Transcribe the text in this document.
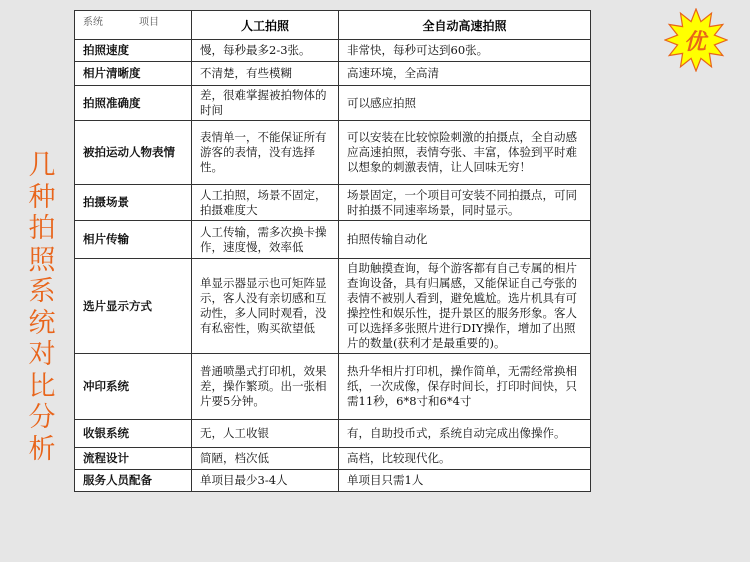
几种拍照系统对比分析
系统 项目	人工拍照	全自动高速拍照
拍照速度	慢，每秒最多2-3张。	非常快，每秒可达到60张。
相片清晰度	不清楚，有些模糊	高速环境，全高清
拍照准确度	差，很难掌握被拍物体的时间	可以感应拍照
被拍运动人物表情	表情单一，不能保证所有游客的表情，没有选择性。	可以安装在比较惊险刺激的拍摄点，全自动感应高速拍照，表情夸张、丰富，体验到平时难以想象的刺激表情，让人回味无穷！
拍摄场景	人工拍照，场景不固定，拍摄难度大	场景固定，一个项目可安装不同拍摄点，可同时拍摄不同速率场景，同时显示。
相片传输	人工传输，需多次换卡操作，速度慢，效率低	拍照传输自动化
选片显示方式	单显示器显示也可矩阵显示，客人没有亲切感和互动性，多人同时观看，没有私密性，购买欲望低	自助触摸查询，每个游客都有自己专属的相片查询设备，具有归属感，又能保证自己夸张的表情不被别人看到，避免尴尬。选片机具有可操控性和娱乐性，提升景区的服务形象。客人可以选择多张照片进行DIY操作，增加了出照片的数量(获利才是最重要的)。
冲印系统	普通喷墨式打印机，效果差，操作繁琐。出一张相片要5分钟。	热升华相片打印机，操作简单，无需经常换相纸，一次成像，保存时间长，打印时间快，只需11秒，6*8寸和6*4寸
收银系统	无，人工收银	有，自助投币式，系统自动完成出像操作。
流程设计	简陋，档次低	高档，比较现代化。
服务人员配备	单项目最少3-4人	单项目只需1人
优
